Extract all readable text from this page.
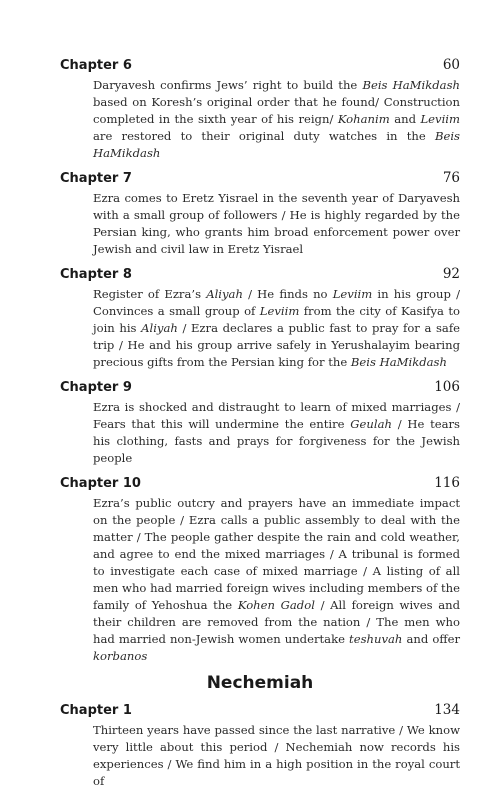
Chapter 6	60
Daryavesh confirms Jews’ right to build the Beis HaMikdash based on Koresh’s original order that he found/ Construction completed in the sixth year of his reign/ Kohanim and Leviim are restored to their original duty watches in the Beis HaMikdash
Chapter 7	76
Ezra comes to Eretz Yisrael in the seventh year of Daryavesh with a small group of followers / He is highly regarded by the Persian king, who grants him broad enforcement power over Jewish and civil law in Eretz Yisrael
Chapter 8	92
Register of Ezra’s Aliyah / He finds no Leviim in his group / Convinces a small group of Leviim from the city of Kasifya to join his Aliyah / Ezra declares a public fast to pray for a safe trip / He and his group arrive safely in Yerushalayim bearing precious gifts from the Persian king for the Beis HaMikdash
Chapter 9	106
Ezra is shocked and distraught to learn of mixed marriages / Fears that this will undermine the entire Geulah / He tears his clothing, fasts and prays for forgiveness for the Jewish people
Chapter 10	116
Ezra’s public outcry and prayers have an immediate impact on the people / Ezra calls a public assembly to deal with the matter / The people gather despite the rain and cold weather, and agree to end the mixed marriages / A tribunal is formed to investigate each case of mixed marriage / A listing of all men who had married foreign wives including members of the family of Yehoshua the Kohen Gadol / All foreign wives and their children are removed from the nation / The men who had married non-Jewish women undertake teshuvah and offer korbanos
Nechemiah
Chapter 1	134
Thirteen years have passed since the last narrative / We know very little about this period / Nechemiah now records his experiences / We find him in a high position in the royal court of
